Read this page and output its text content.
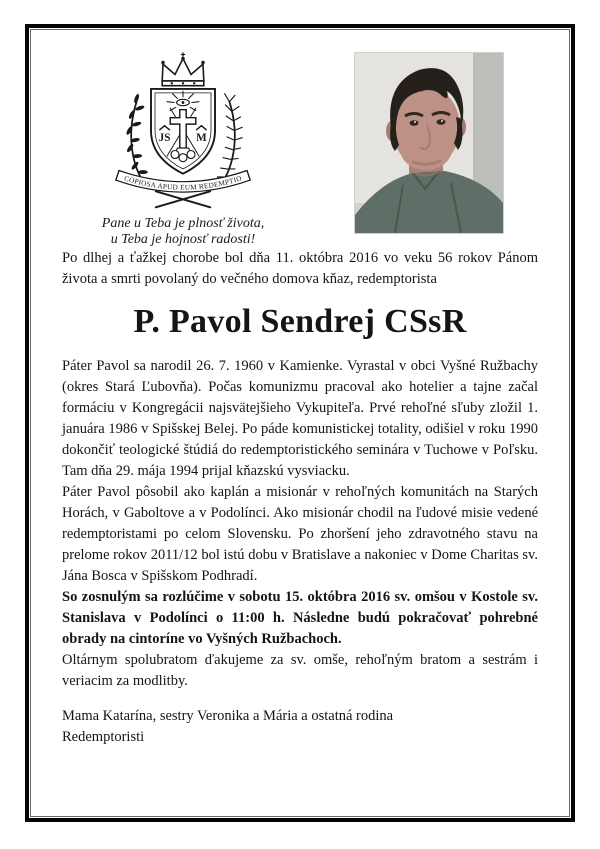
JS M
COPIOSA APUD EUM REDEMPTIO
Pane u Teba je plnosť života,
u Teba je hojnosť radosti!

Po dlhej a ťažkej chorobe bol dňa 11. októbra 2016 vo veku 56 rokov Pánom života a smrti povolaný do večného domova kňaz, redemptorista

P. Pavol Sendrej CSsR

Páter Pavol sa narodil 26. 7. 1960 v Kamienke. Vyrastal v obci Vyšné Ružbachy (okres Stará Ľubovňa). Počas komunizmu pracoval ako hotelier a tajne začal formáciu v Kongregácii najsvätejšieho Vykupiteľa. Prvé rehoľné sľuby zložil 1. januára 1986 v Spišskej Belej. Po páde komunistickej totality, odišiel v roku 1990 dokončiť teologické štúdiá do redemptoristického seminára v Tuchowe v Poľsku. Tam dňa 29. mája 1994 prijal kňazskú vysviacku.

Páter Pavol pôsobil ako kaplán a misionár v rehoľných komunitách na Starých Horách, v Gaboltove a v Podolínci. Ako misionár chodil na ľudové misie vedené redemptoristami po celom Slovensku. Po zhoršení jeho zdravotného stavu na prelome rokov 2011/12 bol istú dobu v Bratislave a nakoniec v Dome Charitas sv. Jána Bosca v Spišskom Podhradí.

So zosnulým sa rozlúčime v sobotu 15. októbra 2016 sv. omšou v Kostole sv. Stanislava v Podolínci o 11:00 h. Následne budú pokračovať pohrebné obrady na cintoríne vo Vyšných Ružbachoch.

Oltárnym spolubratom ďakujeme za sv. omše, rehoľným bratom a sestrám i veriacim za modlitby.

Mama Katarína, sestry Veronika a Mária a ostatná rodina

Redemptoristi
